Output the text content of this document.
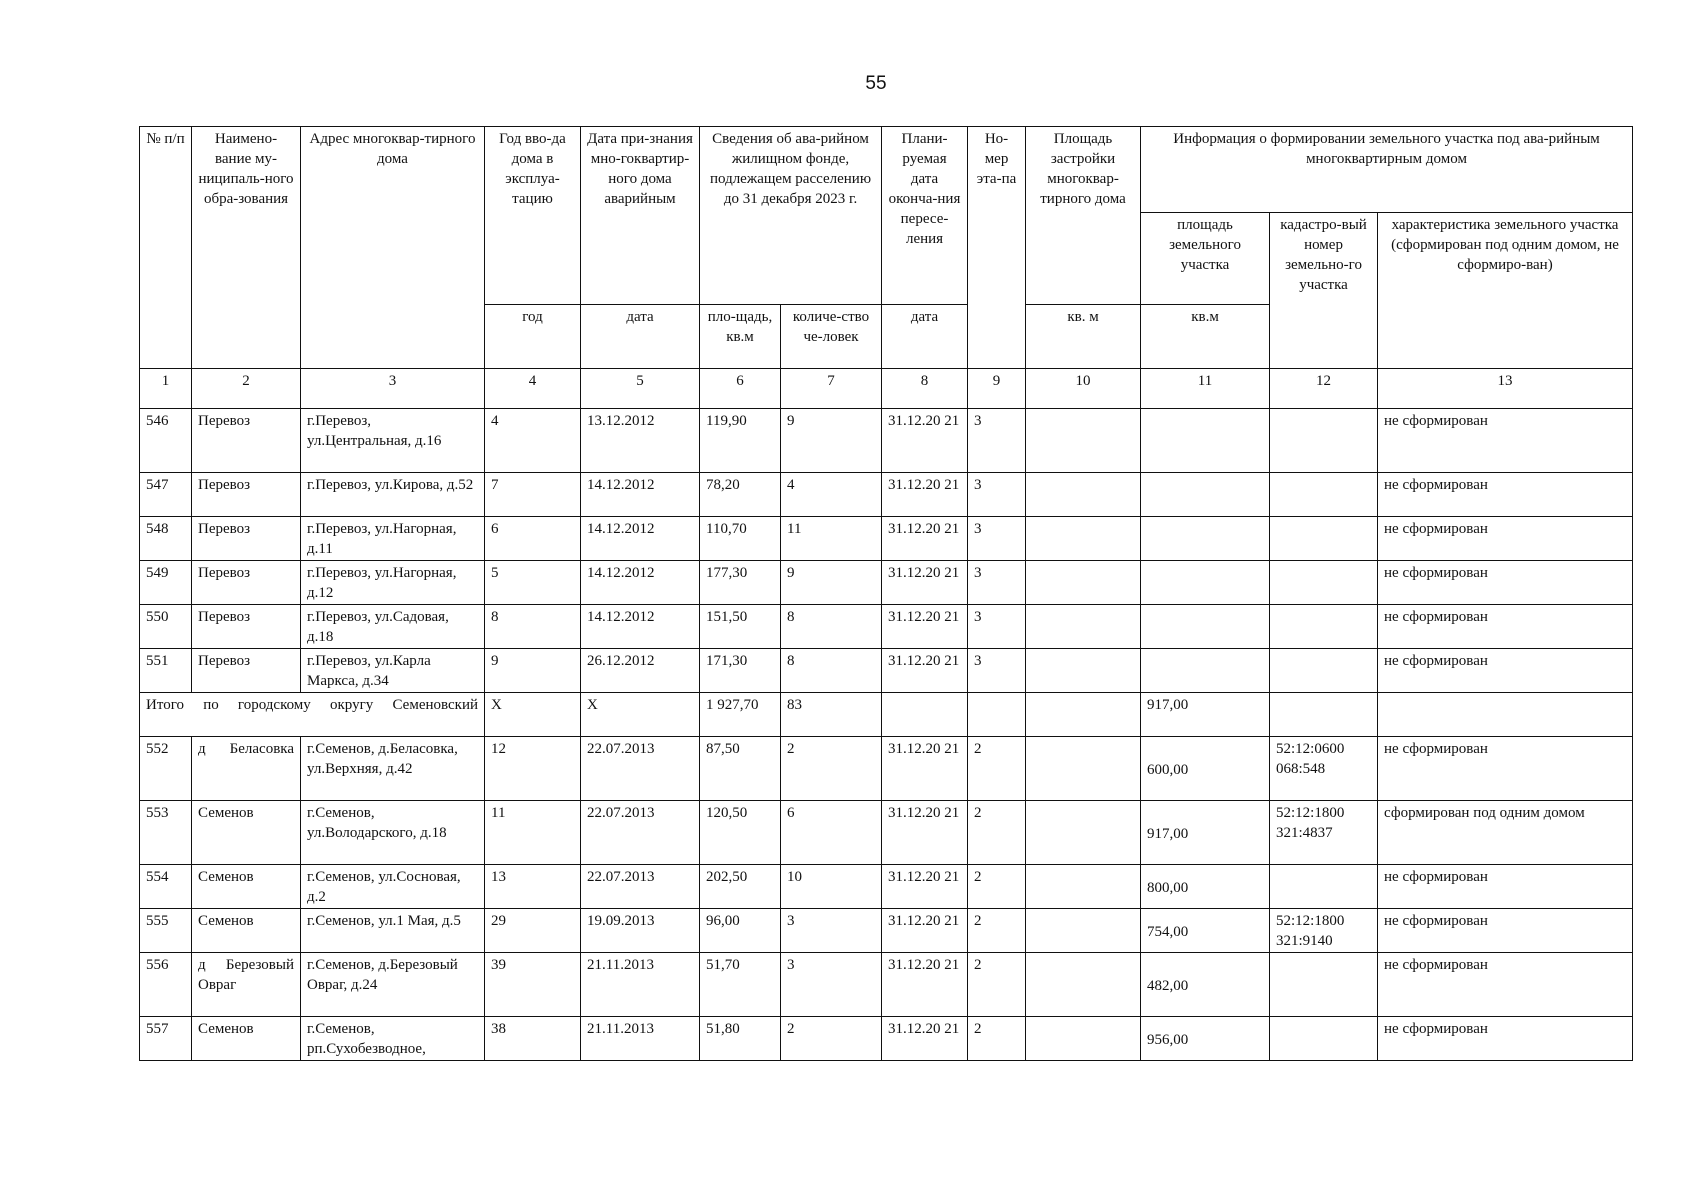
55
№ п/п	Наимено-вание му-ниципаль-ного обра-зования	Адрес многоквар-тирного дома	Год вво-да дома в эксплуа-тацию	Дата при-знания мно-гоквартир-ного дома аварийным	Сведения об ава-рийном жилищном фонде, подлежащем расселению до 31 декабря 2023 г.		Плани-руемая дата оконча-ния пересе-ления	Но-мер эта-па	Площадь застройки многоквар-тирного дома	Информация о формировании земельного участка под ава-рийным многоквартирным домом		
										площадь земельного участка	кадастро-вый номер земельно-го участка	характеристика земельного участка (сформирован под одним домом, не сформиро-ван)
			год	дата	пло-щадь, кв.м	количе-ство че-ловек	дата		кв. м	кв.м		
1	2	3	4	5	6	7	8	9	10	11	12	13
546	Перевоз	г.Перевоз, ул.Центральная, д.16	4	13.12.2012	119,90	9	31.12.20 21	3				не сформирован
547	Перевоз	г.Перевоз, ул.Кирова, д.52	7	14.12.2012	78,20	4	31.12.20 21	3				не сформирован
548	Перевоз	г.Перевоз, ул.Нагорная, д.11	6	14.12.2012	110,70	11	31.12.20 21	3				не сформирован
549	Перевоз	г.Перевоз, ул.Нагорная, д.12	5	14.12.2012	177,30	9	31.12.20 21	3				не сформирован
550	Перевоз	г.Перевоз, ул.Садовая, д.18	8	14.12.2012	151,50	8	31.12.20 21	3				не сформирован
551	Перевоз	г.Перевоз, ул.Карла Маркса, д.34	9	26.12.2012	171,30	8	31.12.20 21	3				не сформирован
Итого по городскому округу Семеновский			Х	Х	1 927,70	83				917,00		
552	д Беласовка	г.Семенов, д.Беласовка, ул.Верхняя, д.42	12	22.07.2013	87,50	2	31.12.20 21	2		600,00	52:12:0600 068:548	не сформирован
553	Семенов	г.Семенов, ул.Володарского, д.18	11	22.07.2013	120,50	6	31.12.20 21	2		917,00	52:12:1800 321:4837	сформирован под одним домом
554	Семенов	г.Семенов, ул.Сосновая, д.2	13	22.07.2013	202,50	10	31.12.20 21	2		800,00		не сформирован
555	Семенов	г.Семенов, ул.1 Мая, д.5	29	19.09.2013	96,00	3	31.12.20 21	2		754,00	52:12:1800 321:9140	не сформирован
556	д Березовый Овраг	г.Семенов, д.Березовый Овраг, д.24	39	21.11.2013	51,70	3	31.12.20 21	2		482,00		не сформирован
557	Семенов	г.Семенов, рп.Сухобезводное,	38	21.11.2013	51,80	2	31.12.20 21	2		956,00		не сформирован
